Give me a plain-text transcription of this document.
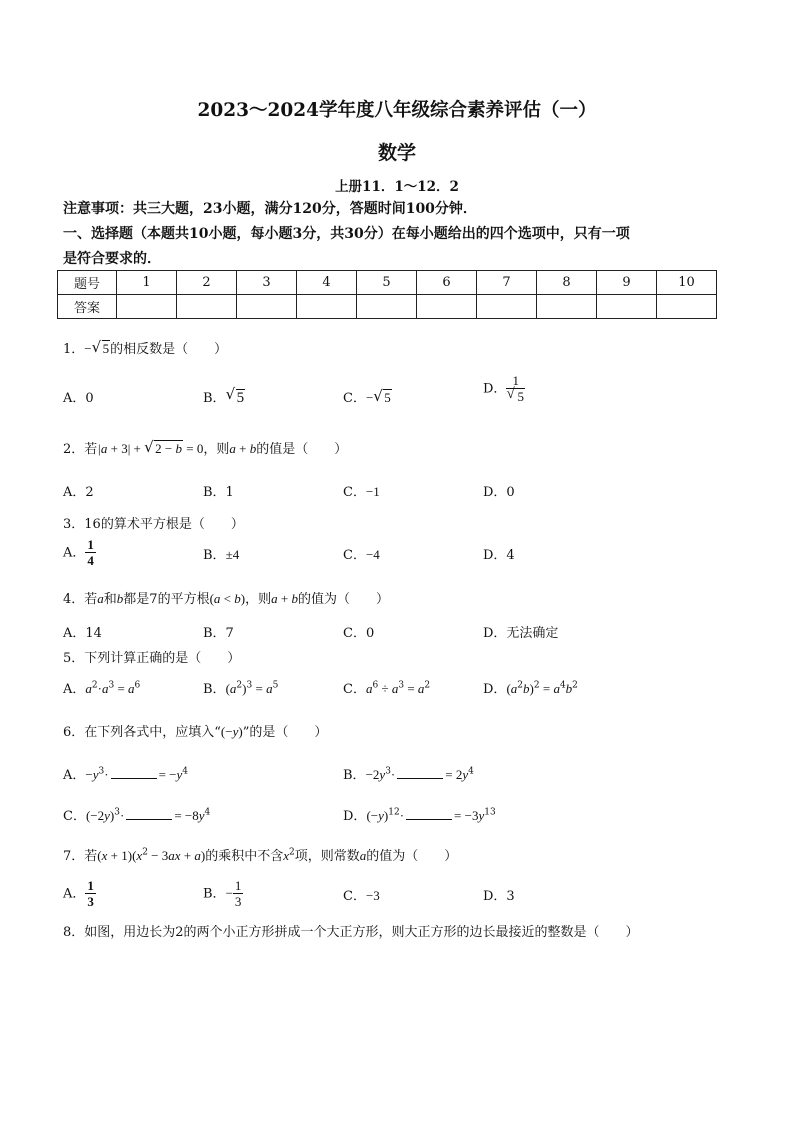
2023～2024学年度八年级综合素养评估（一）
数学
上册11．1～12．2
注意事项：共三大题，23小题，满分120分，答题时间100分钟．
一、选择题（本题共10小题，每小题3分，共30分）在每小题给出的四个选项中，只有一项
是符合要求的．
题号	1	2	3	4	5	6	7	8	9	10
答案										
1．− √ 5的相反数是（　　）
A．0	B． √ 5	C．− √ 5
D． $\frac{1}{√ 5}$
2．若|a + 3| + √ 2 − b = 0，则a + b的值是（　　）
A．2	B．1	C．−1	D．0
3．16的算术平方根是（　　）
A． $\frac{1}{4}$	B．±4	C．−4	D．4
4．若a和b都是7的平方根(a < b)，则a + b的值为（　　）
A．14	B．7	C．0	D．无法确定
5．下列计算正确的是（　　）
A．$a^2\cdot a^3 = a^6$	B．$(a^2)^3 = a^5$	C．$a^6 \div a^3 = a^2$	D．$(a^2b)^2 = a^4b^2$
6．在下列各式中，应填入“(−y)”的是（　　）
A．$-y^3\cdot$	= $-y^4$	B．$-2y^3\cdot$	= $2y^4$
C．$(-2y)^3\cdot$	= $-8y^4$	D．$(-y)^{12}\cdot$	= $-3y^{13}$
7．若$(x + 1)(x^2 - 3ax + a)$的乘积中不含$x^2$项，则常数a的值为（　　）
A． $\frac{1}{3}$	B．− $\frac{1}{3}$	C．−3	D．3
8．如图，用边长为2的两个小正方形拼成一个大正方形，则大正方形的边长最接近的整数是（　　）
